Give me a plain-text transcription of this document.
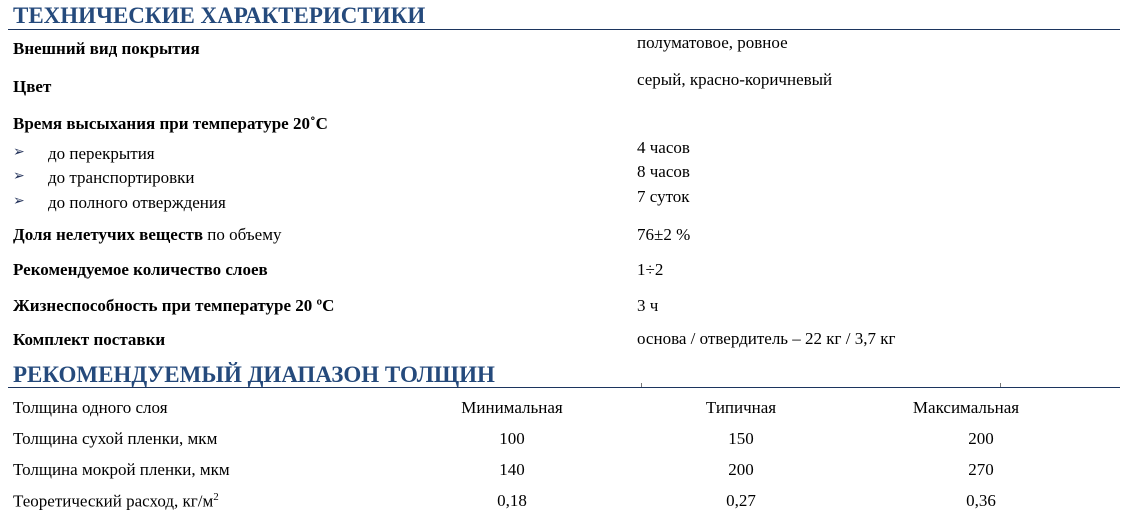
ТЕХНИЧЕСКИЕ ХАРАКТЕРИСТИКИ
Внешний вид покрытия	полуматовое, ровное
Цвет	серый, красно-коричневый
Время высыхания при температуре 20˚С
➢ до перекрытия	4 часов
➢ до транспортировки	8 часов
➢ до полного отверждения	7 суток
Доля нелетучих веществ по объему	76±2 %
Рекомендуемое количество слоев	1÷2
Жизнеспособность при температуре 20 ºС	3 ч
Комплект поставки	основа / отвердитель – 22 кг / 3,7 кг
РЕКОМЕНДУЕМЫЙ ДИАПАЗОН ТОЛЩИН
Толщина одного слоя	Минимальная	Типичная	Максимальная
Толщина сухой пленки, мкм	100	150	200
Толщина мокрой пленки, мкм	140	200	270
Теоретический расход, $кг/м^2$	0,18	0,27	0,36
